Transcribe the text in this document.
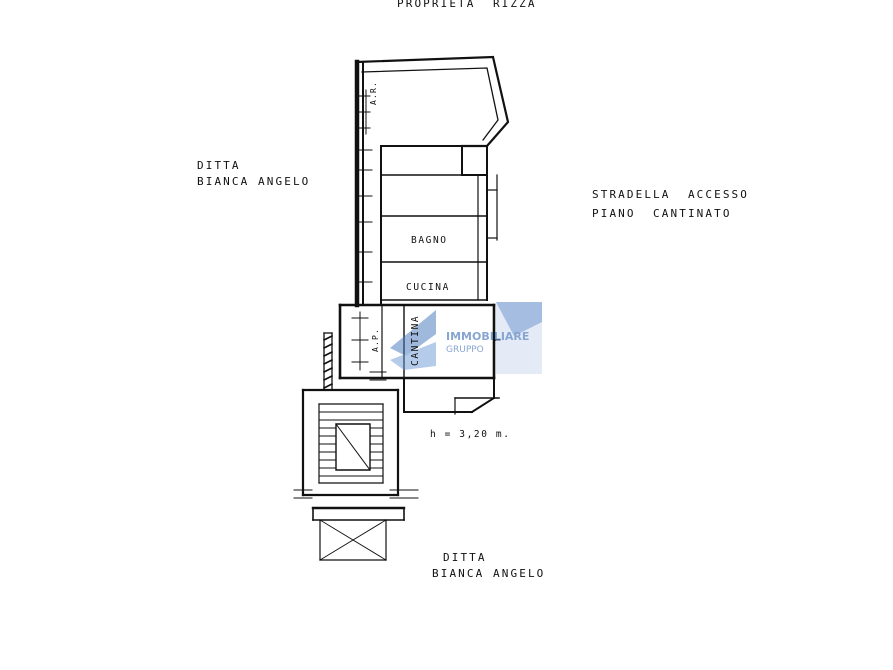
IMMOBILIARE
GRUPPO
PROPRIETA  RIZZA
DITTA
BIANCA ANGELO
STRADELLA  ACCESSO
PIANO  CANTINATO
BAGNO
CUCINA
CANTINA
h = 3,20 m.
A.R.
A.P.
DITTA
BIANCA ANGELO
